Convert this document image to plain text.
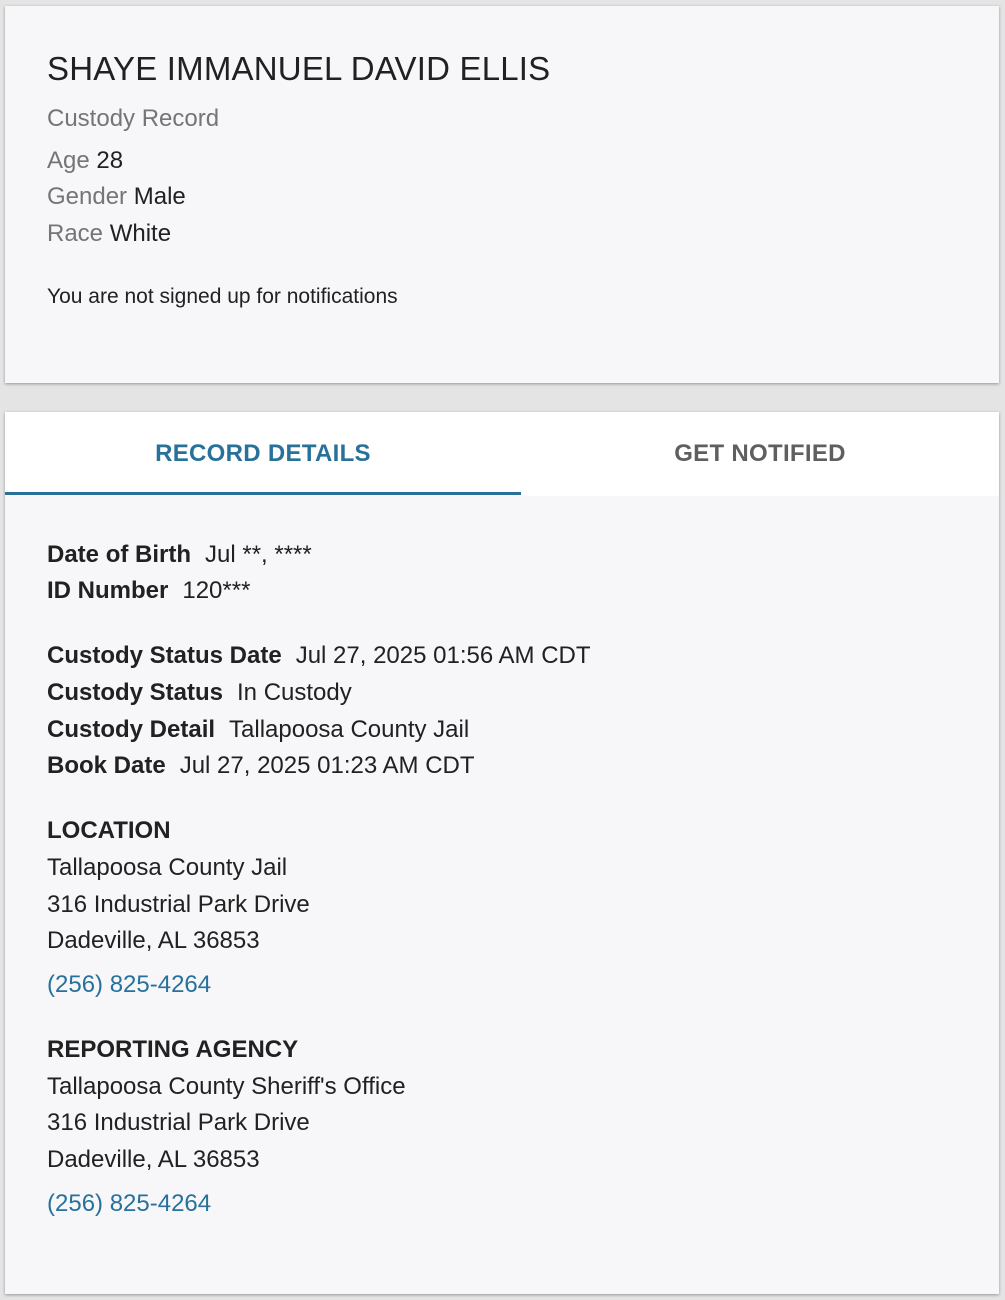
SHAYE IMMANUEL DAVID ELLIS
Custody Record
Age 28
Gender Male
Race White
You are not signed up for notifications
RECORD DETAILS	GET NOTIFIED
Date of Birth Jul **, ****
ID Number 120***
Custody Status Date Jul 27, 2025 01:56 AM CDT
Custody Status In Custody
Custody Detail Tallapoosa County Jail
Book Date Jul 27, 2025 01:23 AM CDT
LOCATION
Tallapoosa County Jail
316 Industrial Park Drive
Dadeville, AL 36853
(256) 825-4264
REPORTING AGENCY
Tallapoosa County Sheriff's Office
316 Industrial Park Drive
Dadeville, AL 36853
(256) 825-4264
